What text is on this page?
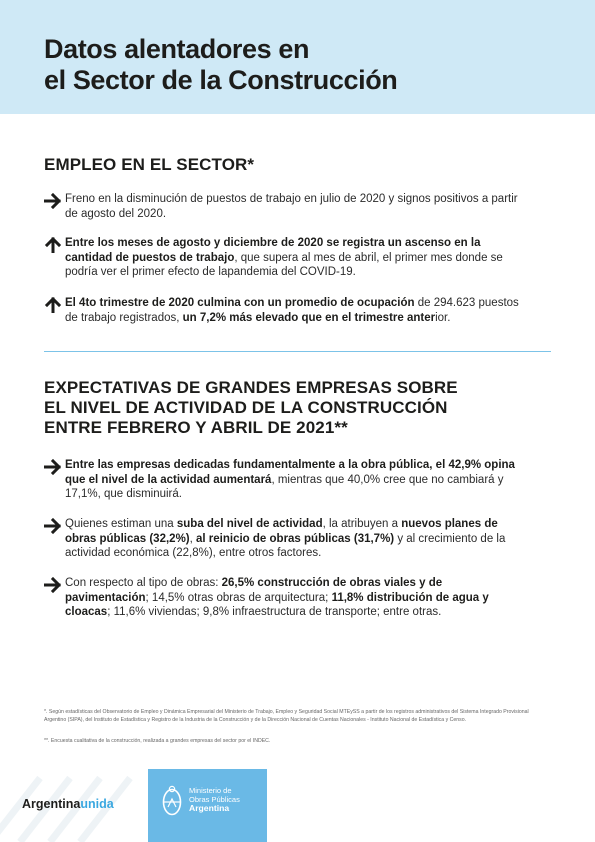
Datos alentadores en
el Sector de la Construcción
EMPLEO EN EL SECTOR*

Freno en la disminución de puestos de trabajo en julio de 2020 y signos positivos a partir de agosto del 2020.

Entre los meses de agosto y diciembre de 2020 se registra un ascenso en la cantidad de puestos de trabajo, que supera al mes de abril, el primer mes donde se podría ver el primer efecto de lapandemia del COVID-19.

El 4to trimestre de 2020 culmina con un promedio de ocupación de 294.623 puestos de trabajo registrados, un 7,2% más elevado que en el trimestre anterior.

EXPECTATIVAS DE GRANDES EMPRESAS SOBRE
EL NIVEL DE ACTIVIDAD DE LA CONSTRUCCIÓN
ENTRE FEBRERO Y ABRIL DE 2021**

Entre las empresas dedicadas fundamentalmente a la obra pública, el 42,9% opina que el nivel de la actividad aumentará, mientras que 40,0% cree que no cambiará y 17,1%, que disminuirá.

Quienes estiman una suba del nivel de actividad, la atribuyen a nuevos planes de obras públicas (32,2%), al reinicio de obras públicas (31,7%) y al crecimiento de la actividad económica (22,8%), entre otros factores.

Con respecto al tipo de obras: 26,5% construcción de obras viales y de pavimentación; 14,5% otras obras de arquitectura; 11,8% distribución de agua y cloacas; 11,6% viviendas; 9,8% infraestructura de transporte; entre otras.

*. Según estadísticas del Observatorio de Empleo y Dinámica Empresarial del Ministerio de Trabajo, Empleo y Seguridad Social MTEySS a partir de los registros administrativos del Sistema Integrado Provisional Argentino (SIPA), del Instituto de Estadística y Registro de la Industria de la Construcción y de la Dirección Nacional de Cuentas Nacionales - Instituto Nacional de Estadística y Censo.
**. Encuesta cualitativa de la construcción, realizada a grandes empresas del sector por el INDEC.
Argentinaunida
Ministerio de
Obras Públicas
Argentina
